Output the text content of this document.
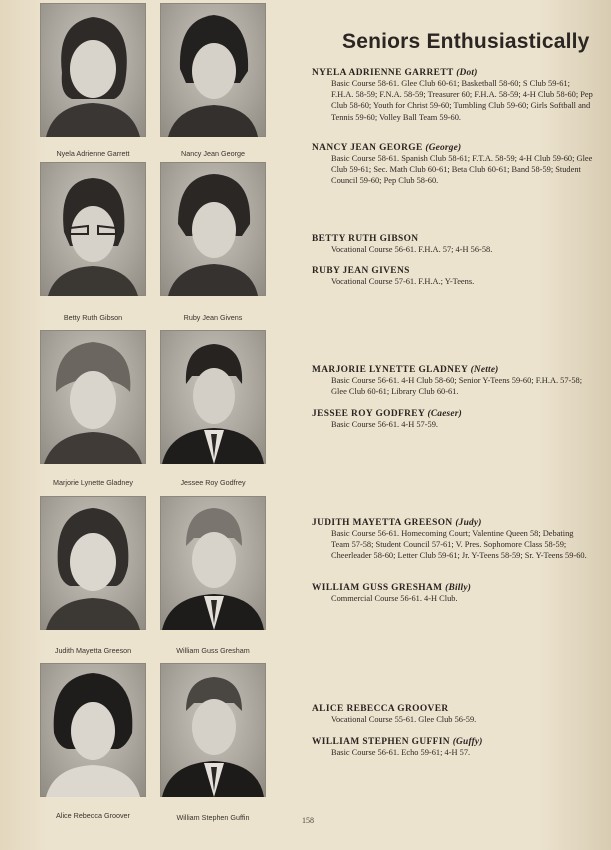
Nyela Adrienne Garrett	Nancy Jean George
Betty Ruth Gibson	Ruby Jean Givens
Marjorie Lynette Gladney	Jessee Roy Godfrey
Judith Mayetta Greeson	William Guss Gresham
Alice Rebecca Groover	William Stephen Guffin
Seniors Enthusiastically
NYELA ADRIENNE GARRETT (Dot)
Basic Course 58-61. Glee Club 60-61; Basketball 58-60; S Club 59-61; F.H.A. 58-59; F.N.A. 58-59; Treasurer 60; F.H.A. 58-59; 4-H Club 58-60; Pep Club 58-60; Youth for Christ 59-60; Tumbling Club 59-60; Girls Softball and Tennis 59-60; Volley Ball Team 59-60.
NANCY JEAN GEORGE (George)
Basic Course 58-61. Spanish Club 58-61; F.T.A. 58-59; 4-H Club 59-60; Glee Club 59-61; Sec. Math Club 60-61; Beta Club 60-61; Band 58-59; Student Council 59-60; Pep Club 58-60.
BETTY RUTH GIBSON
Vocational Course 56-61. F.H.A. 57; 4-H 56-58.
RUBY JEAN GIVENS
Vocational Course 57-61. F.H.A.; Y-Teens.
MARJORIE LYNETTE GLADNEY (Nette)
Basic Course 56-61. 4-H Club 58-60; Senior Y-Teens 59-60; F.H.A. 57-58; Glee Club 60-61; Library Club 60-61.
JESSEE ROY GODFREY (Caeser)
Basic Course 56-61. 4-H 57-59.
JUDITH MAYETTA GREESON (Judy)
Basic Course 56-61. Homecoming Court; Valentine Queen 58; Debating Team 57-58; Student Council 57-61; V. Pres. Sophomore Class 58-59; Cheerleader 58-60; Letter Club 59-61; Jr. Y-Teens 58-59; Sr. Y-Teens 59-60.
WILLIAM GUSS GRESHAM (Billy)
Commercial Course 56-61. 4-H Club.
ALICE REBECCA GROOVER
Vocational Course 55-61. Glee Club 56-59.
WILLIAM STEPHEN GUFFIN (Guffy)
Basic Course 56-61. Echo 59-61; 4-H 57.
158
